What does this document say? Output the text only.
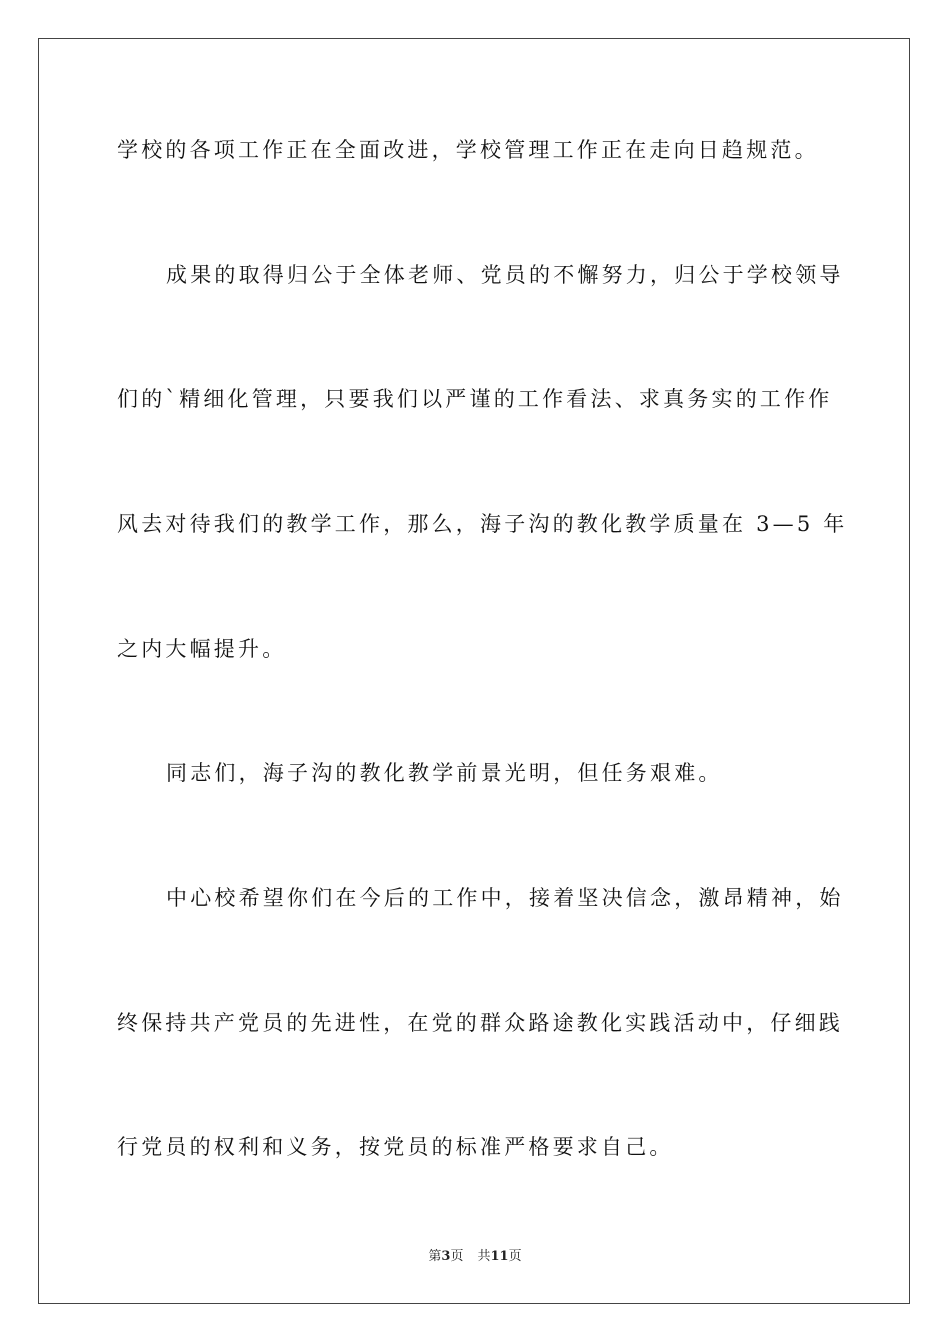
学校的各项工作正在全面改进，学校管理工作正在走向日趋规范。
成果的取得归公于全体老师、党员的不懈努力，归公于学校领导
们的`精细化管理，只要我们以严谨的工作看法、求真务实的工作作
风去对待我们的教学工作，那么，海子沟的教化教学质量在 3—5 年
之内大幅提升。
同志们，海子沟的教化教学前景光明，但任务艰难。
中心校希望你们在今后的工作中，接着坚决信念，激昂精神，始
终保持共产党员的先进性，在党的群众路途教化实践活动中，仔细践
行党员的权利和义务，按党员的标准严格要求自己。
第3页 共11页
